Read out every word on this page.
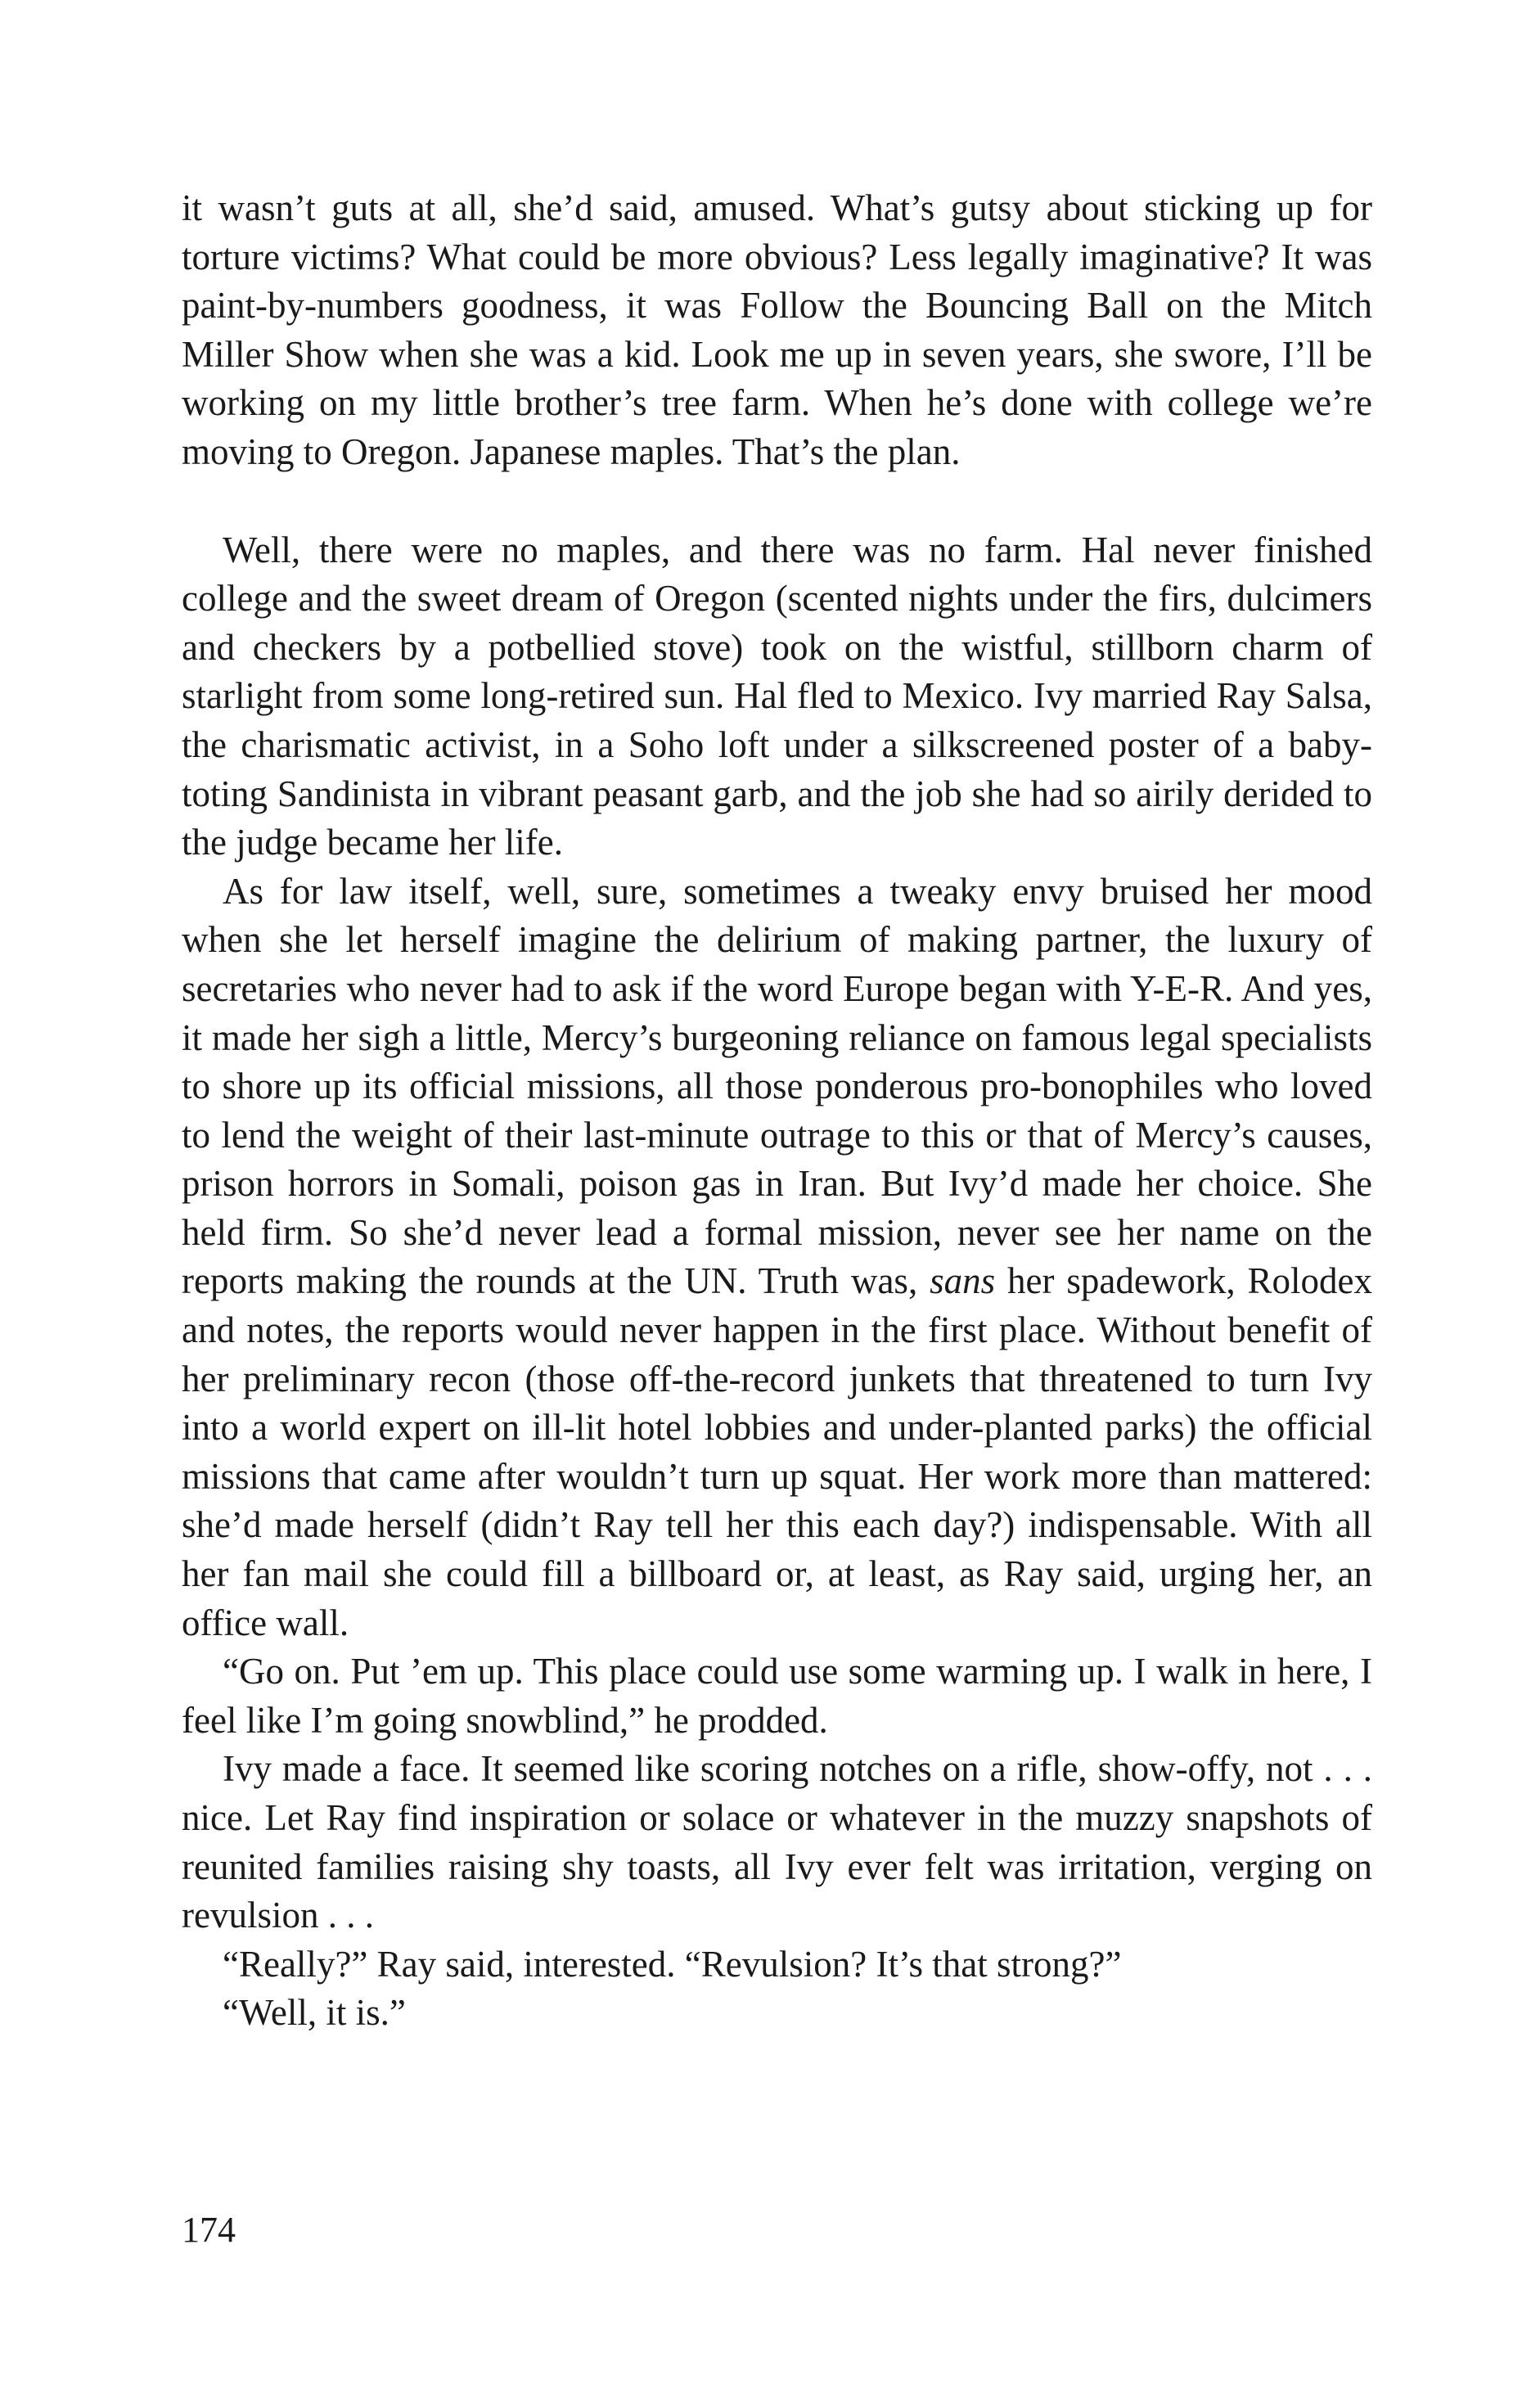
it wasn’t guts at all, she’d said, amused. What’s gutsy about sticking up for torture victims? What could be more obvious? Less legally imaginative? It was paint-by-numbers goodness, it was Follow the Bouncing Ball on the Mitch Miller Show when she was a kid. Look me up in seven years, she swore, I’ll be working on my little brother’s tree farm. When he’s done with college we’re moving to Oregon. Japanese maples. That’s the plan.

Well, there were no maples, and there was no farm. Hal never finished college and the sweet dream of Oregon (scented nights under the firs, dulcimers and checkers by a potbellied stove) took on the wistful, stillborn charm of starlight from some long-retired sun. Hal fled to Mexico. Ivy married Ray Salsa, the charismatic activist, in a Soho loft under a silkscreened poster of a baby-toting Sandinista in vibrant peasant garb, and the job she had so airily derided to the judge became her life.

As for law itself, well, sure, sometimes a tweaky envy bruised her mood when she let herself imagine the delirium of making partner, the luxury of secretaries who never had to ask if the word Europe began with Y-E-R. And yes, it made her sigh a little, Mercy’s burgeoning reliance on famous legal specialists to shore up its official missions, all those ponderous pro-bonophiles who loved to lend the weight of their last-minute outrage to this or that of Mercy’s causes, prison horrors in Somali, poison gas in Iran. But Ivy’d made her choice. She held firm. So she’d never lead a formal mission, never see her name on the reports making the rounds at the UN. Truth was, sans her spadework, Rolodex and notes, the reports would never happen in the first place. Without benefit of her preliminary recon (those off-the-record junkets that threatened to turn Ivy into a world expert on ill-lit hotel lobbies and under-planted parks) the official missions that came after wouldn’t turn up squat. Her work more than mattered: she’d made herself (didn’t Ray tell her this each day?) indispensable. With all her fan mail she could fill a billboard or, at least, as Ray said, urging her, an office wall.

“Go on. Put ’em up. This place could use some warming up. I walk in here, I feel like I’m going snowblind,” he prodded.

Ivy made a face. It seemed like scoring notches on a rifle, show-offy, not . . . nice. Let Ray find inspiration or solace or whatever in the muzzy snapshots of reunited families raising shy toasts, all Ivy ever felt was irritation, verging on revulsion . . .

“Really?” Ray said, interested. “Revulsion? It’s that strong?”

“Well, it is.”

174
